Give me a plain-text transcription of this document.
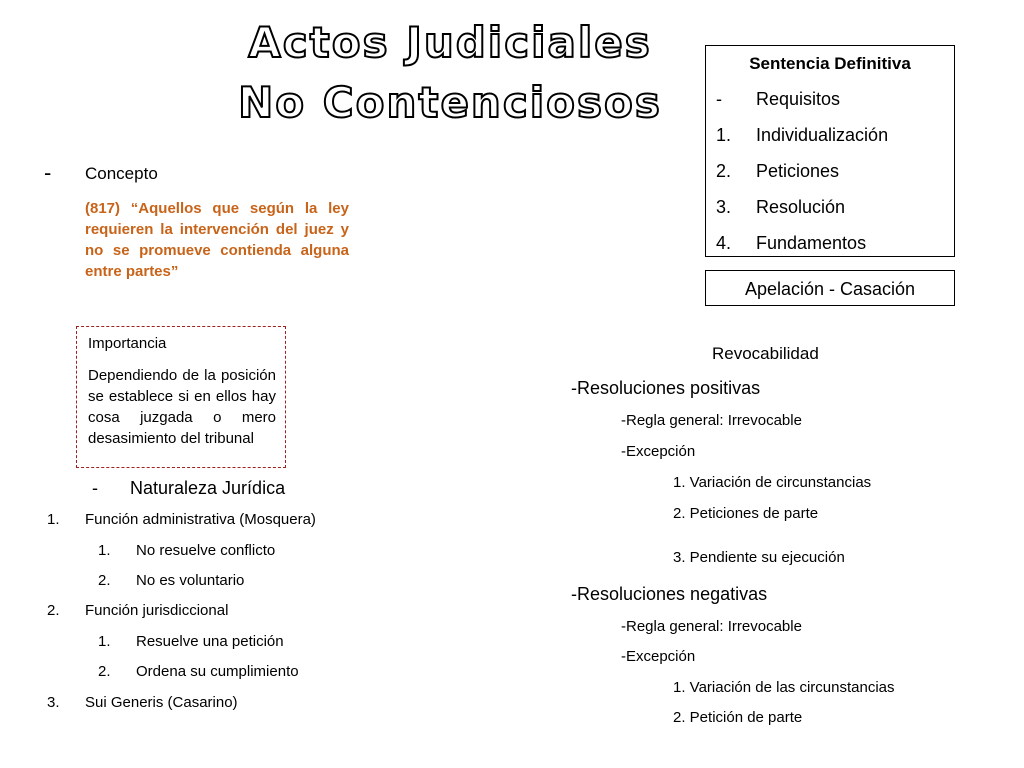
Actos Judiciales
No Contenciosos
Sentencia Definitiva
- Requisitos
1. Individualización
2. Peticiones
3. Resolución
4. Fundamentos
Apelación - Casación
- Concepto
(817) “Aquellos que según la ley requieren la intervención del juez y no se promueve contienda alguna entre partes”
Importancia
Dependiendo de la posición se establece si en ellos hay cosa juzgada o mero desasimiento del tribunal
- Naturaleza Jurídica
1. Función administrativa (Mosquera)
1. No resuelve conflicto
2. No es voluntario
2. Función jurisdiccional
1. Resuelve una petición
2. Ordena su cumplimiento
3. Sui Generis (Casarino)
Revocabilidad
-Resoluciones positivas
-Regla general: Irrevocable
-Excepción
1. Variación de circunstancias
2. Peticiones de parte
3. Pendiente su ejecución
-Resoluciones negativas
-Regla general: Irrevocable
-Excepción
1. Variación de las circunstancias
2. Petición de parte
